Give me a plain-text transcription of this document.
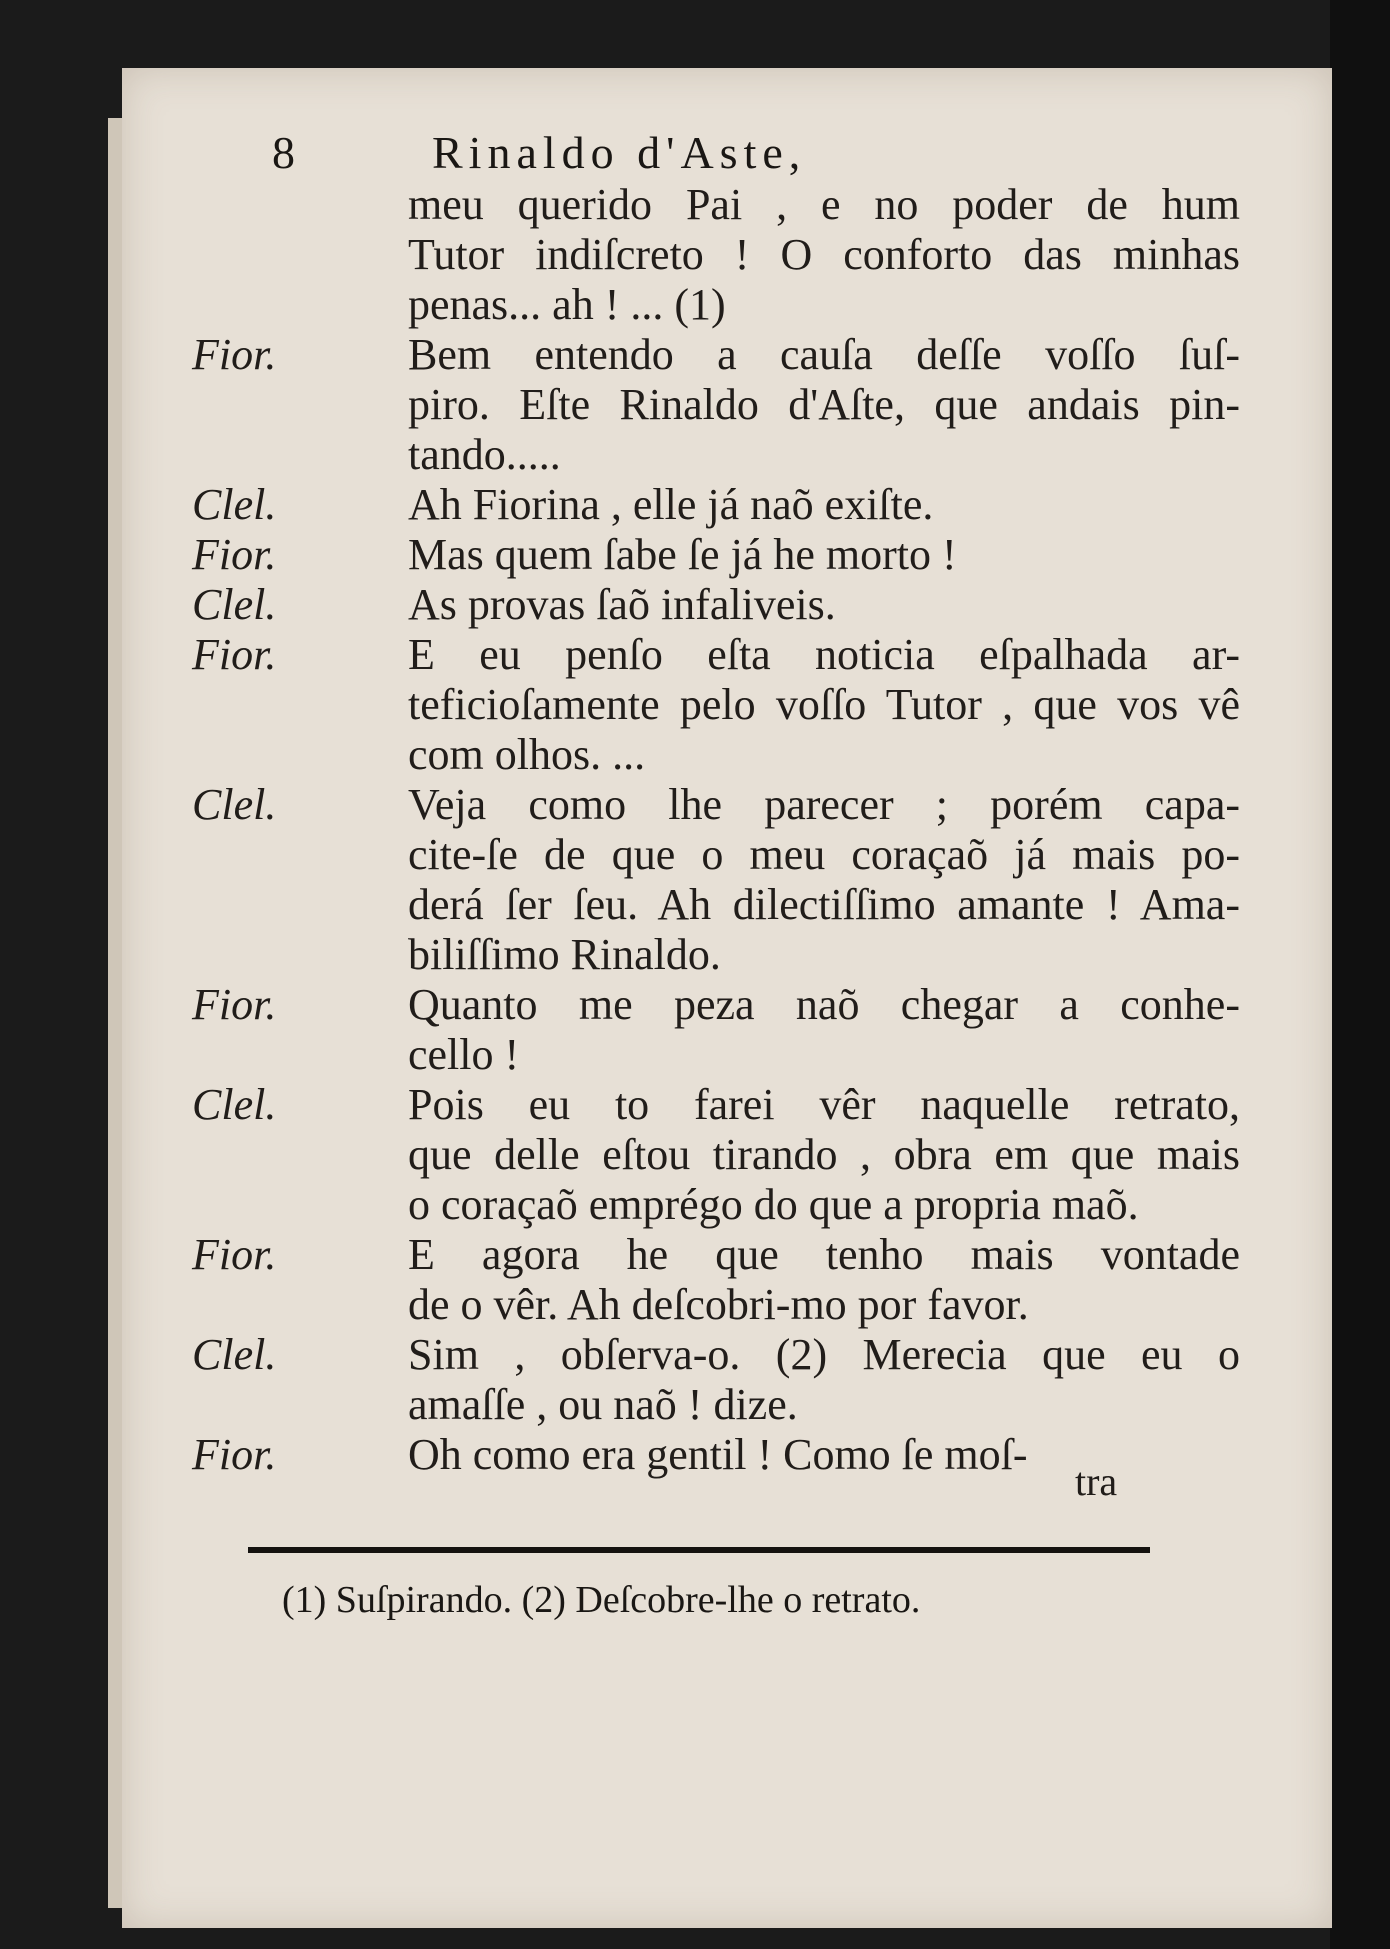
8	Rinaldo d'Aste,
meu querido Pai , e no poder de hum
Tutor indiſcreto ! O conforto das minhas
penas... ah ! ... (1)
Fior.	Bem entendo a cauſa deſſe voſſo ſuſ-
piro. Eſte Rinaldo d'Aſte, que andais pin-
tando.....
Clel.	Ah Fiorina , elle já naõ exiſte.
Fior.	Mas quem ſabe ſe já he morto !
Clel.	As provas ſaõ infaliveis.
Fior.	E eu penſo eſta noticia eſpalhada ar-
teficioſamente pelo voſſo Tutor , que vos vê
com olhos. ...
Clel.	Veja como lhe parecer ; porém capa-
cite-ſe de que o meu coraçaõ já mais po-
derá ſer ſeu. Ah dilectiſſimo amante ! Ama-
biliſſimo Rinaldo.
Fior.	Quanto me peza naõ chegar a conhe-
cello !
Clel.	Pois eu to farei vêr naquelle retrato,
que delle eſtou tirando , obra em que mais
o coraçaõ emprégo do que a propria maõ.
Fior.	E agora he que tenho mais vontade
de o vêr. Ah deſcobri-mo por favor.
Clel.	Sim , obſerva-o. (2) Merecia que eu o
amaſſe , ou naõ ! dize.
Fior.	Oh como era gentil ! Como ſe moſ-
tra
(1) Suſpirando. (2) Deſcobre-lhe o retrato.
